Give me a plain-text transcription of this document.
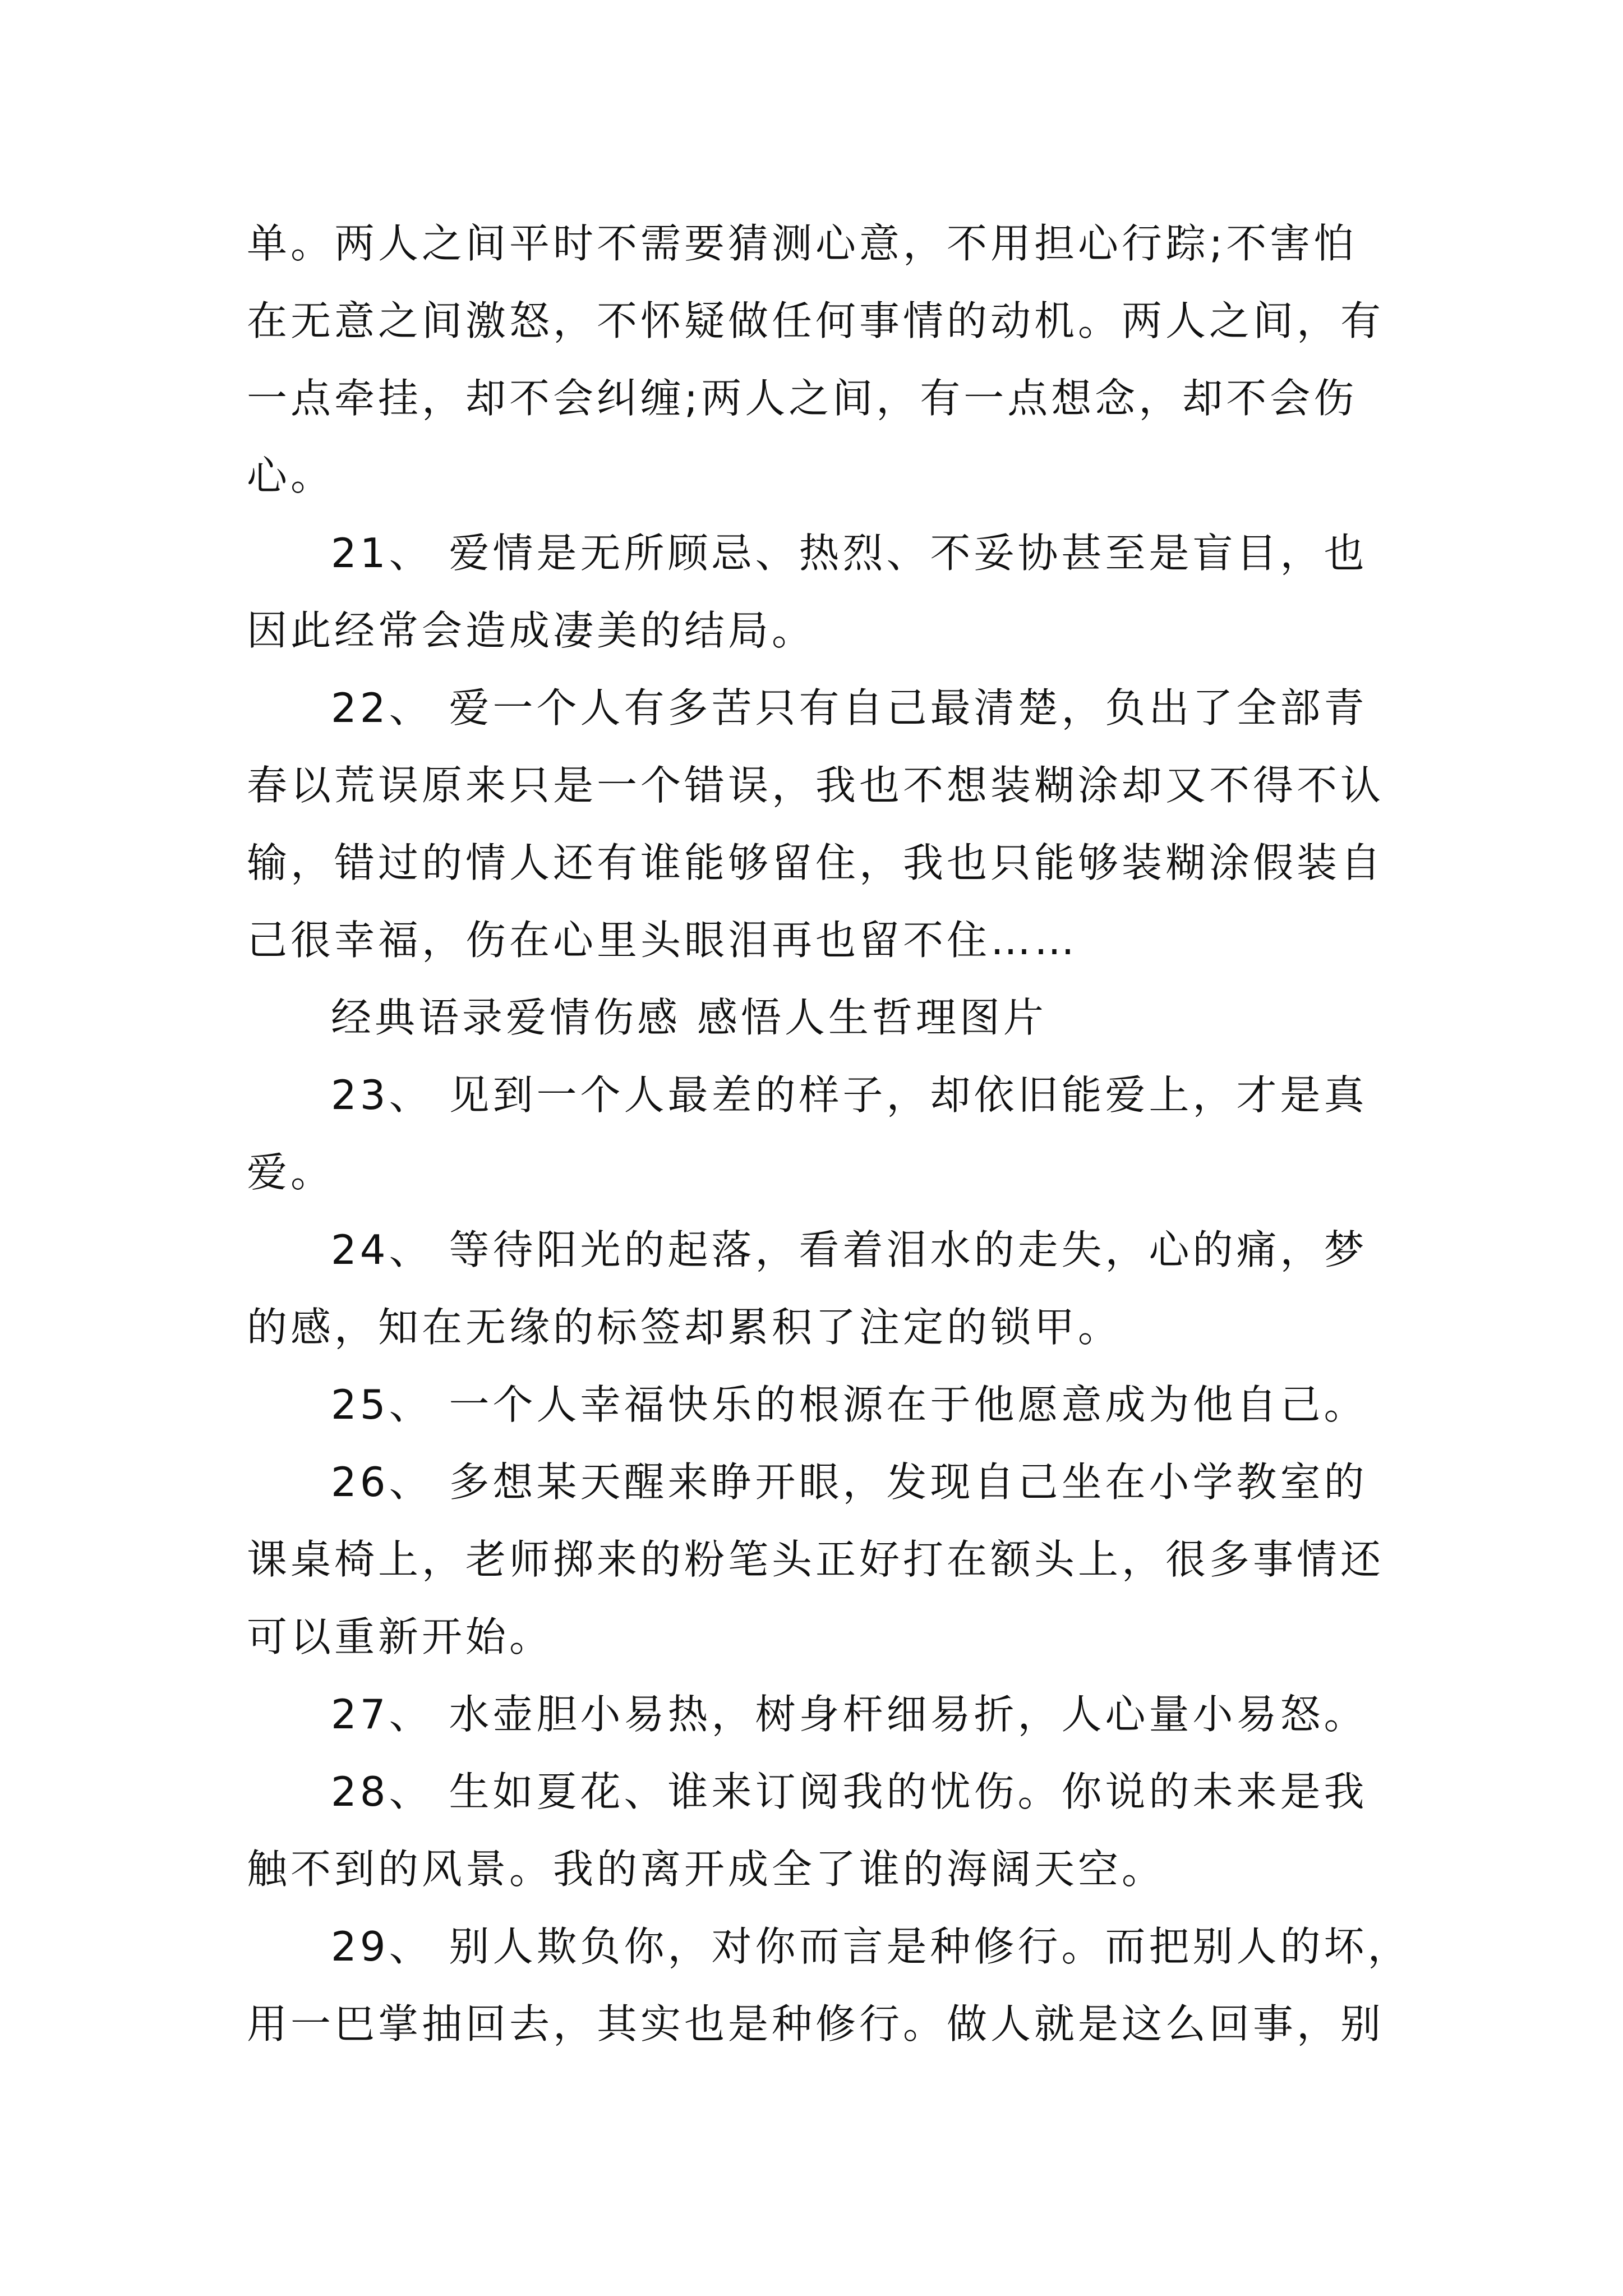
单。两人之间平时不需要猜测心意，不用担心行踪;不害怕
在无意之间激怒，不怀疑做任何事情的动机。两人之间，有
一点牵挂，却不会纠缠;两人之间，有一点想念，却不会伤
心。
21、 爱情是无所顾忌、热烈、不妥协甚至是盲目，也
因此经常会造成凄美的结局。
22、 爱一个人有多苦只有自己最清楚，负出了全部青
春以荒误原来只是一个错误，我也不想装糊涂却又不得不认
输，错过的情人还有谁能够留住，我也只能够装糊涂假装自
己很幸福，伤在心里头眼泪再也留不住……
经典语录爱情伤感 感悟人生哲理图片
23、 见到一个人最差的样子，却依旧能爱上，才是真
爱。
24、 等待阳光的起落，看着泪水的走失，心的痛，梦
的感，知在无缘的标签却累积了注定的锁甲。
25、 一个人幸福快乐的根源在于他愿意成为他自己。
26、 多想某天醒来睁开眼，发现自己坐在小学教室的
课桌椅上，老师掷来的粉笔头正好打在额头上，很多事情还
可以重新开始。
27、 水壶胆小易热，树身杆细易折，人心量小易怒。
28、 生如夏花、谁来订阅我的忧伤。你说的未来是我
触不到的风景。我的离开成全了谁的海阔天空。
29、 别人欺负你，对你而言是种修行。而把别人的坏，
用一巴掌抽回去，其实也是种修行。做人就是这么回事，别
